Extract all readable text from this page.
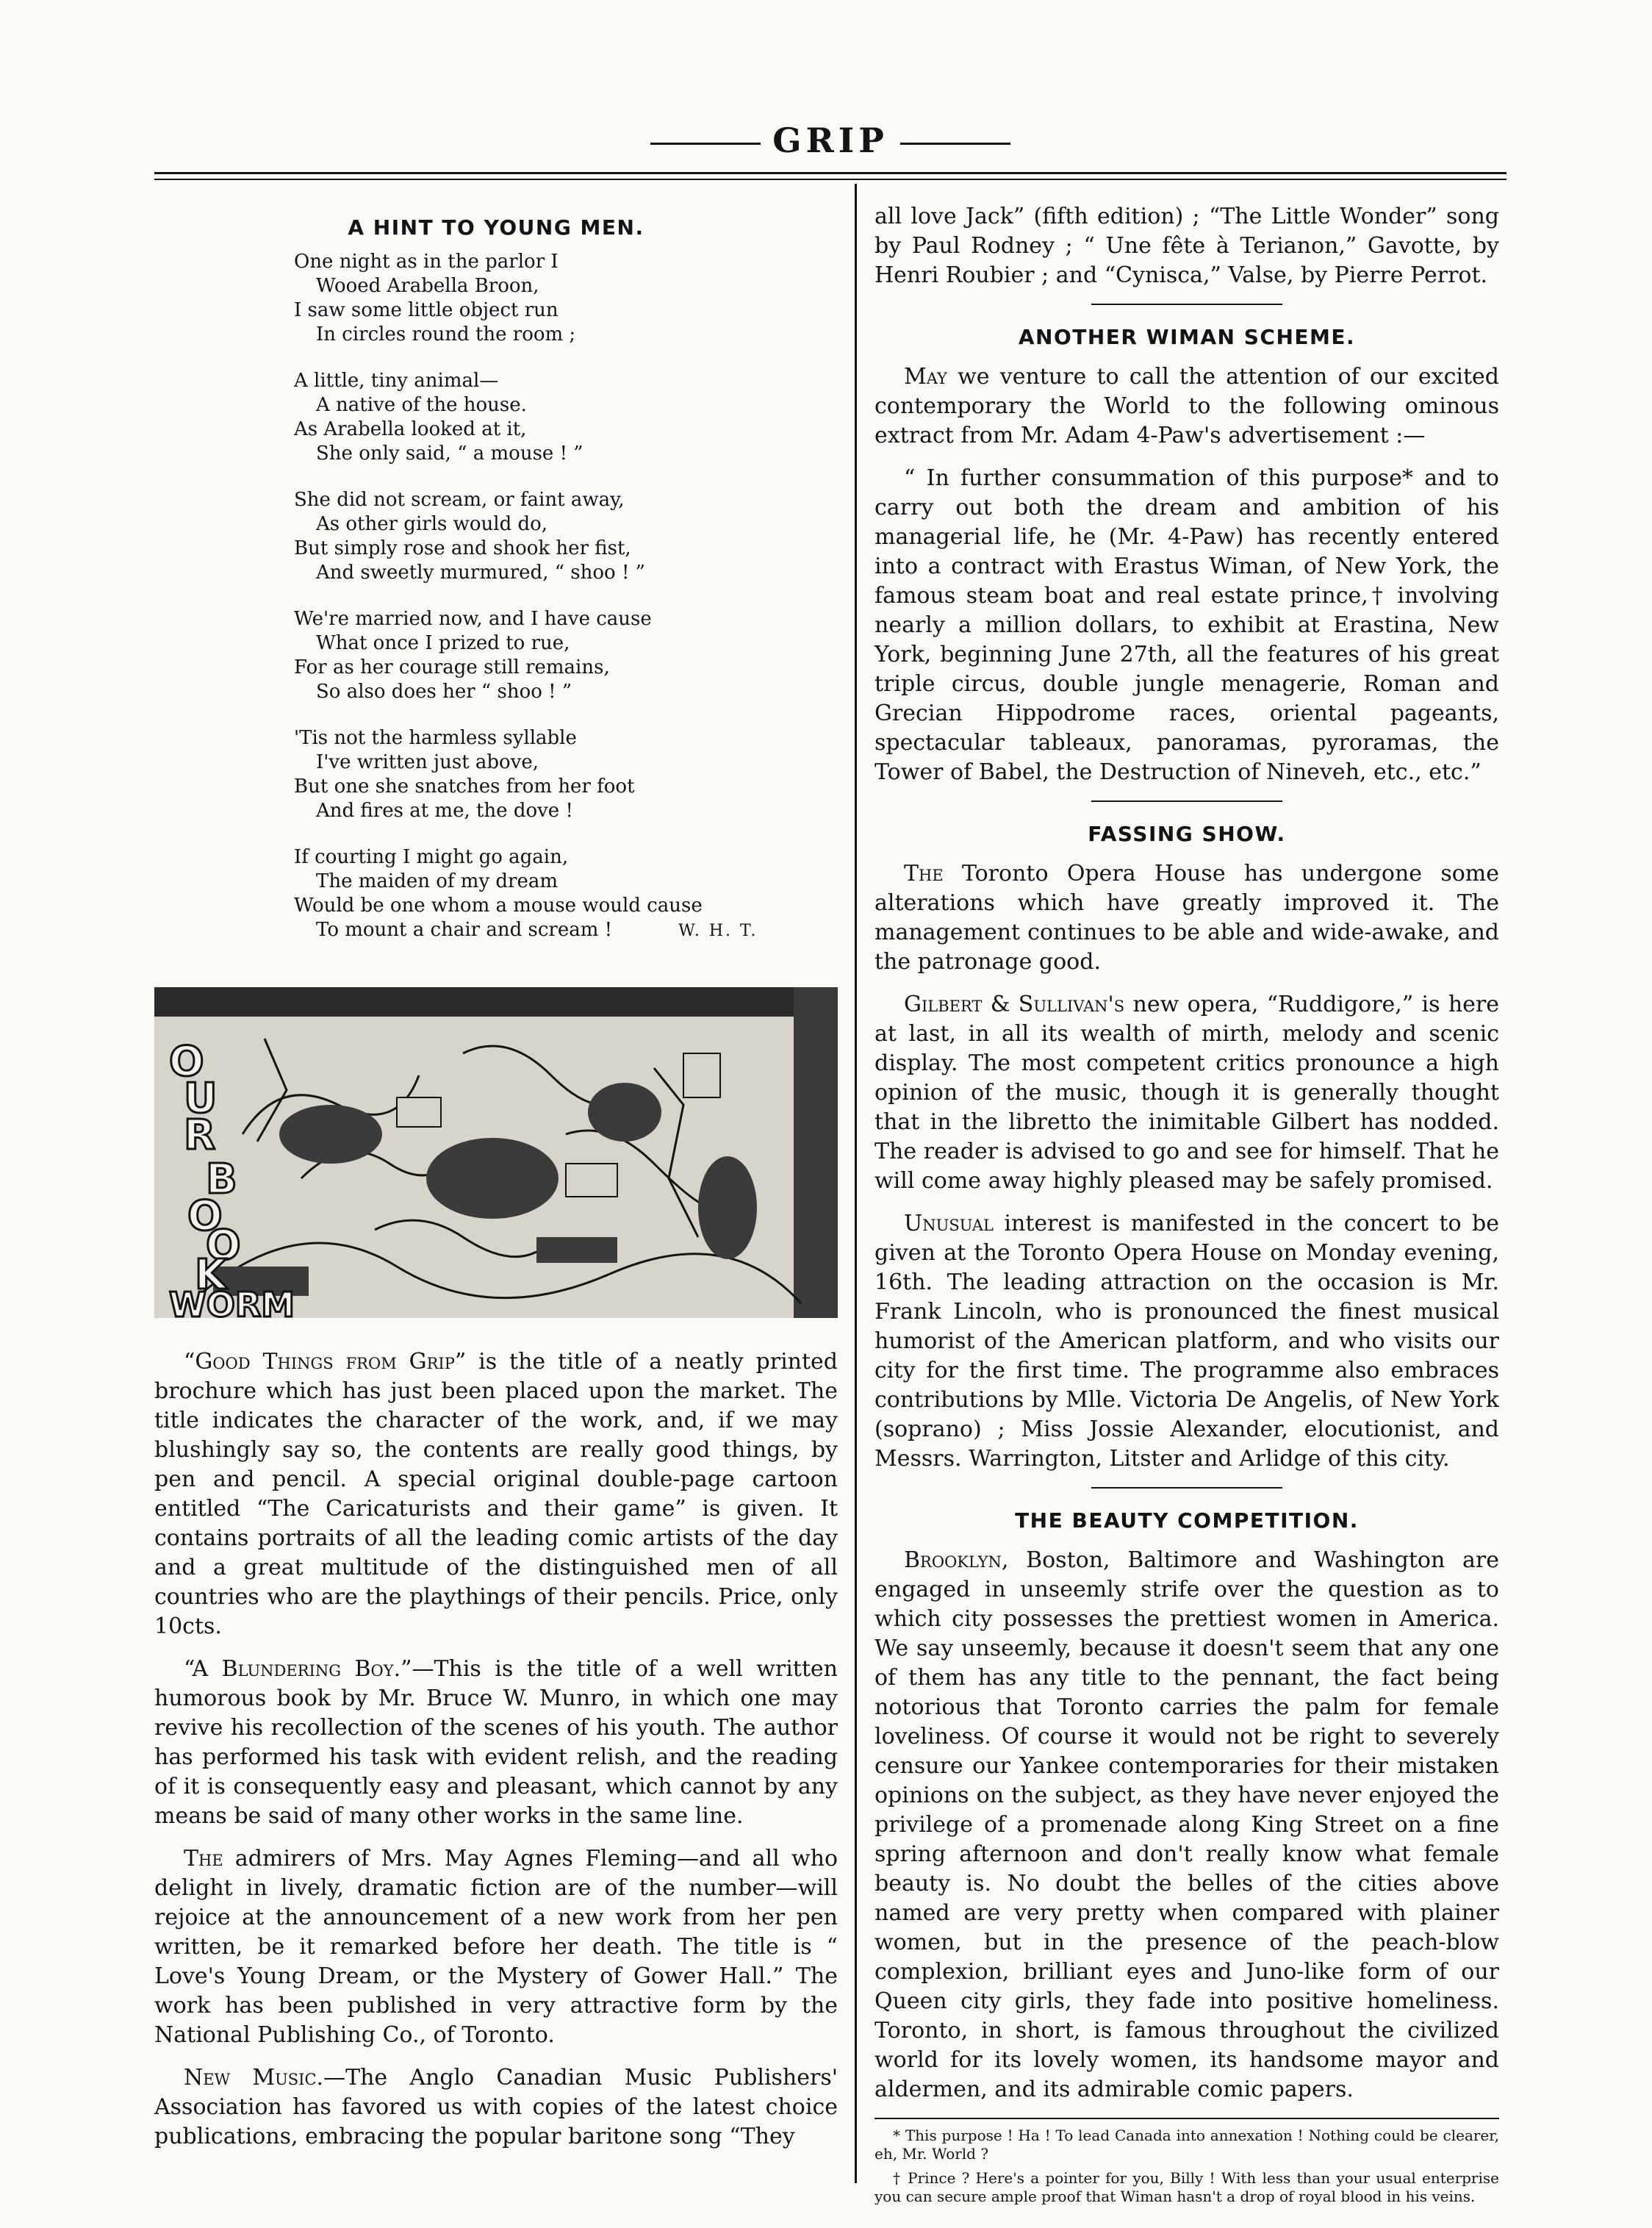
GRIP
A HINT TO YOUNG MEN.
One night as in the parlor I
Wooed Arabella Broon,
I saw some little object run
In circles round the room ;
A little, tiny animal—
A native of the house.
As Arabella looked at it,
She only said, “ a mouse ! ”
She did not scream, or faint away,
As other girls would do,
But simply rose and shook her fist,
And sweetly murmured, “ shoo ! ”
We're married now, and I have cause
What once I prized to rue,
For as her courage still remains,
So also does her “ shoo ! ”
'Tis not the harmless syllable
I've written just above,
But one she snatches from her foot
And fires at me, the dove !
If courting I might go again,
The maiden of my dream
Would be one whom a mouse would cause
To mount a chair and scream !	W. H. T.
O
U
R
B
O
O
K
WORM

“Good Things from Grip” is the title of a neatly printed brochure which has just been placed upon the market. The title indicates the character of the work, and, if we may blushingly say so, the contents are really good things, by pen and pencil. A special original double-page cartoon entitled “The Caricaturists and their game” is given. It contains portraits of all the leading comic artists of the day and a great multitude of the distinguished men of all countries who are the playthings of their pencils. Price, only 10cts.

“A Blundering Boy.”—This is the title of a well written humorous book by Mr. Bruce W. Munro, in which one may revive his recollection of the scenes of his youth. The author has performed his task with evident relish, and the reading of it is consequently easy and pleasant, which cannot by any means be said of many other works in the same line.

The admirers of Mrs. May Agnes Fleming—and all who delight in lively, dramatic fiction are of the number—will rejoice at the announcement of a new work from her pen written, be it remarked before her death. The title is “ Love's Young Dream, or the Mystery of Gower Hall.” The work has been published in very attractive form by the National Publishing Co., of Toronto.

New Music.—The Anglo Canadian Music Publishers' Association has favored us with copies of the latest choice publications, embracing the popular baritone song “They

all love Jack” (fifth edition) ; “The Little Wonder” song by Paul Rodney ; “ Une fête à Terianon,” Gavotte, by Henri Roubier ; and “Cynisca,” Valse, by Pierre Perrot.

ANOTHER WIMAN SCHEME.

May we venture to call the attention of our excited contemporary the World to the following ominous extract from Mr. Adam 4-Paw's advertisement :—

“ In further consummation of this purpose* and to carry out both the dream and ambition of his managerial life, he (Mr. 4-Paw) has recently entered into a contract with Erastus Wiman, of New York, the famous steam boat and real estate prince,† involving nearly a million dollars, to exhibit at Erastina, New York, beginning June 27th, all the features of his great triple circus, double jungle menagerie, Roman and Grecian Hippodrome races, oriental pageants, spectacular tableaux, panoramas, pyroramas, the Tower of Babel, the Destruction of Nineveh, etc., etc.”

FASSING SHOW.

The Toronto Opera House has undergone some alterations which have greatly improved it. The management continues to be able and wide-awake, and the patronage good.

Gilbert & Sullivan's new opera, “Ruddigore,” is here at last, in all its wealth of mirth, melody and scenic display. The most competent critics pronounce a high opinion of the music, though it is generally thought that in the libretto the inimitable Gilbert has nodded. The reader is advised to go and see for himself. That he will come away highly pleased may be safely promised.

Unusual interest is manifested in the concert to be given at the Toronto Opera House on Monday evening, 16th. The leading attraction on the occasion is Mr. Frank Lincoln, who is pronounced the finest musical humorist of the American platform, and who visits our city for the first time. The programme also embraces contributions by Mlle. Victoria De Angelis, of New York (soprano) ; Miss Jossie Alexander, elocutionist, and Messrs. Warrington, Litster and Arlidge of this city.

THE BEAUTY COMPETITION.

Brooklyn, Boston, Baltimore and Washington are engaged in unseemly strife over the question as to which city possesses the prettiest women in America. We say unseemly, because it doesn't seem that any one of them has any title to the pennant, the fact being notorious that Toronto carries the palm for female loveliness. Of course it would not be right to severely censure our Yankee contemporaries for their mistaken opinions on the subject, as they have never enjoyed the privilege of a promenade along King Street on a fine spring afternoon and don't really know what female beauty is. No doubt the belles of the cities above named are very pretty when compared with plainer women, but in the presence of the peach-blow complexion, brilliant eyes and Juno-like form of our Queen city girls, they fade into positive homeliness. Toronto, in short, is famous throughout the civilized world for its lovely women, its handsome mayor and aldermen, and its admirable comic papers.

* This purpose ! Ha ! To lead Canada into annexation ! Nothing could be clearer, eh, Mr. World ?

† Prince ? Here's a pointer for you, Billy ! With less than your usual enterprise you can secure ample proof that Wiman hasn't a drop of royal blood in his veins.
